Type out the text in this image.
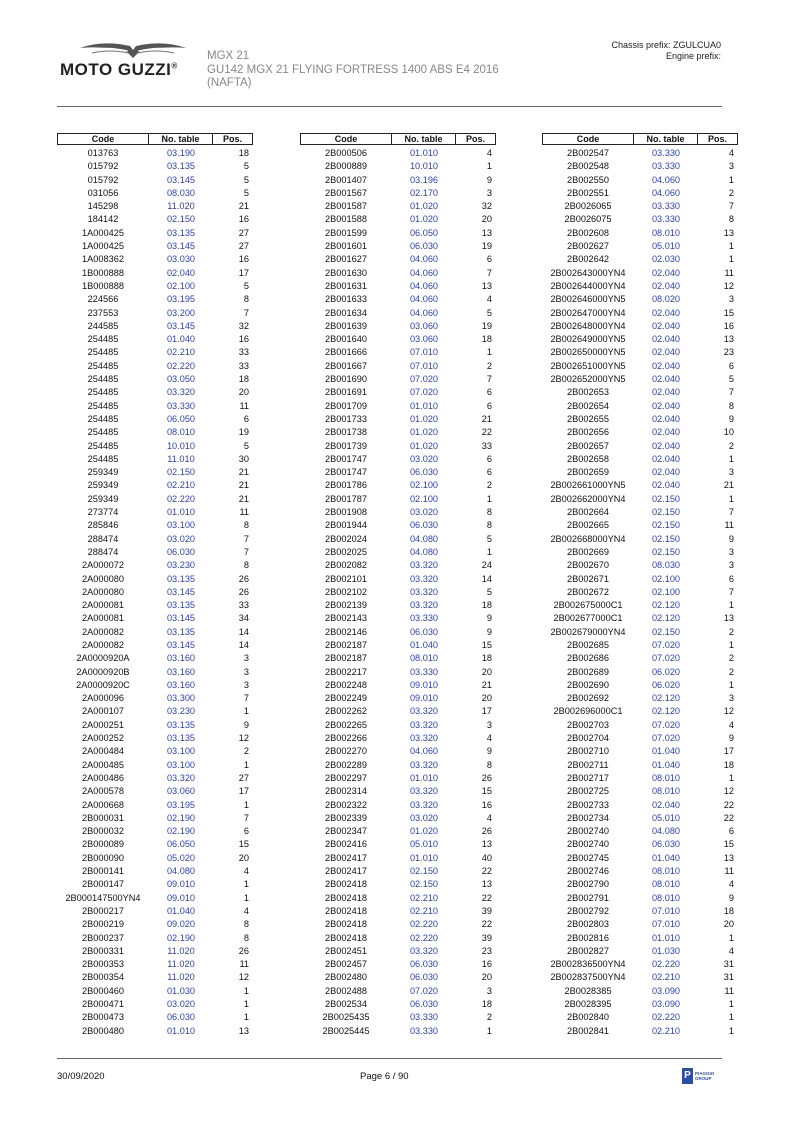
MOTO GUZZI®
MGX 21
GU142 MGX 21 FLYING FORTRESS 1400 ABS E4 2016
(NAFTA)
Chassis prefix: ZGULCUA0
Engine prefix:
Code	No. table	Pos.
013763	03.190	18
015792	03.135	5
015792	03.145	5
031056	08.030	5
145298	11.020	21
184142	02.150	16
1A000425	03.135	27
1A000425	03.145	27
1A008362	03.030	16
1B000888	02.040	17
1B000888	02.100	5
224566	03.195	8
237553	03.200	7
244585	03.145	32
254485	01.040	16
254485	02.210	33
254485	02.220	33
254485	03.050	18
254485	03.320	20
254485	03.330	11
254485	06.050	6
254485	08.010	19
254485	10.010	5
254485	11.010	30
259349	02.150	21
259349	02.210	21
259349	02.220	21
273774	01.010	11
285846	03.100	8
288474	03.020	7
288474	06.030	7
2A000072	03.230	8
2A000080	03.135	26
2A000080	03.145	26
2A000081	03.135	33
2A000081	03.145	34
2A000082	03.135	14
2A000082	03.145	14
2A0000920A	03.160	3
2A0000920B	03.160	3
2A0000920C	03.160	3
2A000096	03.300	7
2A000107	03.230	1
2A000251	03.135	9
2A000252	03.135	12
2A000484	03.100	2
2A000485	03.100	1
2A000486	03.320	27
2A000578	03.060	17
2A000668	03.195	1
2B000031	02.190	7
2B000032	02.190	6
2B000089	06.050	15
2B000090	05.020	20
2B000141	04.080	4
2B000147	09.010	1
2B000147500YN4	09.010	1
2B000217	01.040	4
2B000219	09.020	8
2B000237	02.190	8
2B000331	11.020	26
2B000353	11.020	11
2B000354	11.020	12
2B000460	01.030	1
2B000471	03.020	1
2B000473	06.030	1
2B000480	01.010	13
Code	No. table	Pos.
2B000506	01.010	4
2B000889	10.010	1
2B001407	03.196	9
2B001567	02.170	3
2B001587	01.020	32
2B001588	01.020	20
2B001599	06.050	13
2B001601	06.030	19
2B001627	04.060	6
2B001630	04.060	7
2B001631	04.060	13
2B001633	04.060	4
2B001634	04.060	5
2B001639	03.060	19
2B001640	03.060	18
2B001666	07.010	1
2B001667	07.010	2
2B001690	07.020	7
2B001691	07.020	6
2B001709	01.010	6
2B001733	01.020	21
2B001738	01.020	22
2B001739	01.020	33
2B001747	03.020	6
2B001747	06.030	6
2B001786	02.100	2
2B001787	02.100	1
2B001908	03.020	8
2B001944	06.030	8
2B002024	04.080	5
2B002025	04.080	1
2B002082	03.320	24
2B002101	03.320	14
2B002102	03.320	5
2B002139	03.320	18
2B002143	03.330	9
2B002146	06.030	9
2B002187	01.040	15
2B002187	08.010	18
2B002217	03.330	20
2B002248	09.010	21
2B002249	09.010	20
2B002262	03.320	17
2B002265	03.320	3
2B002266	03.320	4
2B002270	04.060	9
2B002289	03.320	8
2B002297	01.010	26
2B002314	03.320	15
2B002322	03.320	16
2B002339	03.020	4
2B002347	01.020	26
2B002416	05.010	13
2B002417	01.010	40
2B002417	02.150	22
2B002418	02.150	13
2B002418	02.210	22
2B002418	02.210	39
2B002418	02.220	22
2B002418	02.220	39
2B002451	03.320	23
2B002457	06.030	16
2B002480	06.030	20
2B002488	07.020	3
2B002534	06.030	18
2B0025435	03.330	2
2B0025445	03.330	1
Code	No. table	Pos.
2B002547	03.330	4
2B002548	03.330	3
2B002550	04.060	1
2B002551	04.060	2
2B0026065	03.330	7
2B0026075	03.330	8
2B002608	08.010	13
2B002627	05.010	1
2B002642	02.030	1
2B002643000YN4	02.040	11
2B002644000YN4	02.040	12
2B002646000YN5	08.020	3
2B002647000YN4	02.040	15
2B002648000YN4	02.040	16
2B002649000YN5	02.040	13
2B002650000YN5	02.040	23
2B002651000YN5	02.040	6
2B002652000YN5	02.040	5
2B002653	02.040	7
2B002654	02.040	8
2B002655	02.040	9
2B002656	02.040	10
2B002657	02.040	2
2B002658	02.040	1
2B002659	02.040	3
2B002661000YN5	02.040	21
2B002662000YN4	02.150	1
2B002664	02.150	7
2B002665	02.150	11
2B002668000YN4	02.150	9
2B002669	02.150	3
2B002670	08.030	3
2B002671	02.100	6
2B002672	02.100	7
2B002675000C1	02.120	1
2B002677000C1	02.120	13
2B002679000YN4	02.150	2
2B002685	07.020	1
2B002686	07.020	2
2B002689	06.020	2
2B002690	06.020	1
2B002692	02.120	3
2B002696000C1	02.120	12
2B002703	07.020	4
2B002704	07.020	9
2B002710	01.040	17
2B002711	01.040	18
2B002717	08.010	1
2B002725	08.010	12
2B002733	02.040	22
2B002734	05.010	22
2B002740	04.080	6
2B002740	06.030	15
2B002745	01.040	13
2B002746	08.010	11
2B002790	08.010	4
2B002791	08.010	9
2B002792	07.010	18
2B002803	07.010	20
2B002816	01.010	1
2B002827	01.030	4
2B002836500YN4	02.220	31
2B002837500YN4	02.210	31
2B0028385	03.090	11
2B0028395	03.090	1
2B002840	02.220	1
2B002841	02.210	1
30/09/2020	Page 6 / 90	P PIAGGIO
GROUP
